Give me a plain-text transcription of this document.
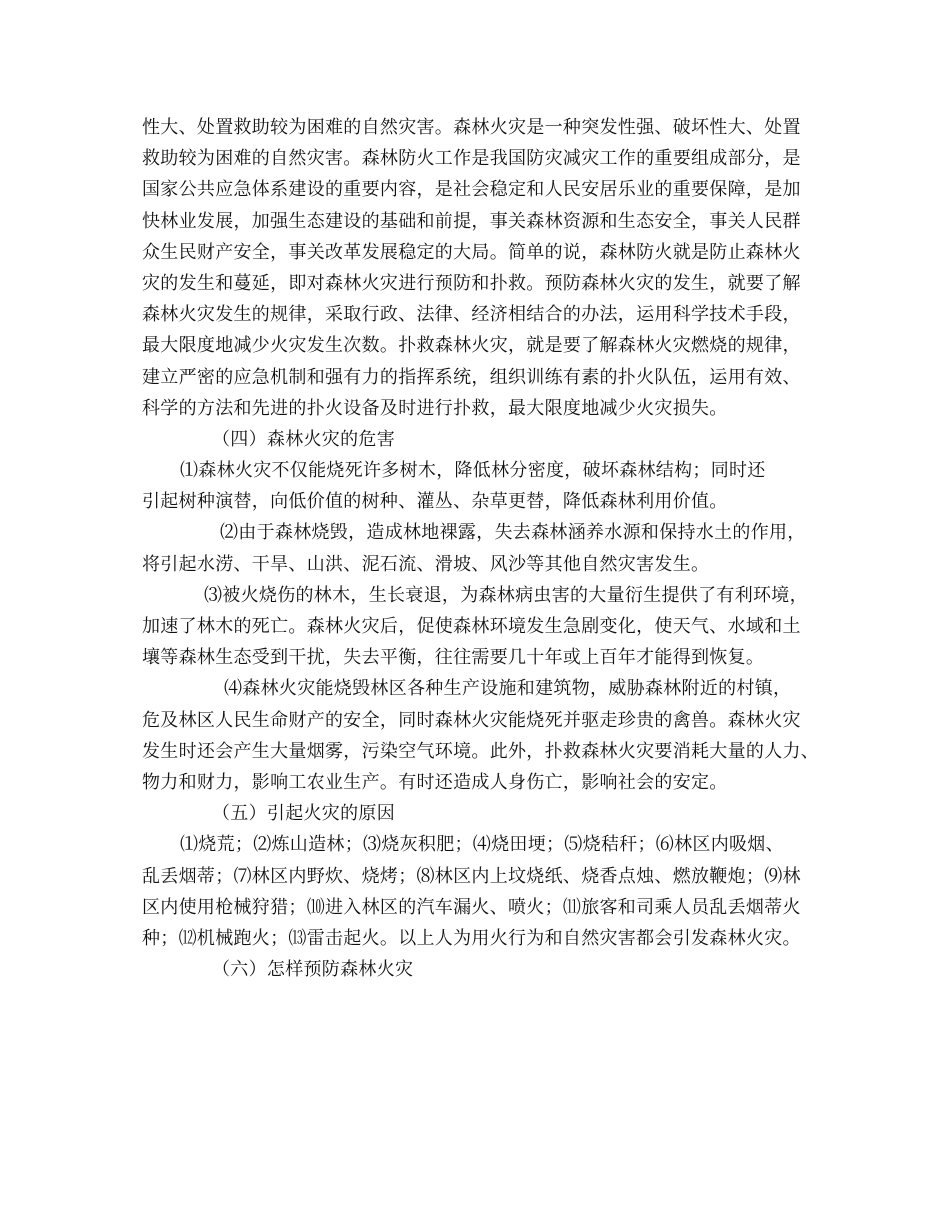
性大、处置救助较为困难的自然灾害。森林火灾是一种突发性强、破坏性大、处置
救助较为困难的自然灾害。森林防火工作是我国防灾减灾工作的重要组成部分，是
国家公共应急体系建设的重要内容，是社会稳定和人民安居乐业的重要保障，是加
快林业发展，加强生态建设的基础和前提，事关森林资源和生态安全，事关人民群
众生民财产安全，事关改革发展稳定的大局。简单的说，森林防火就是防止森林火
灾的发生和蔓延，即对森林火灾进行预防和扑救。预防森林火灾的发生，就要了解
森林火灾发生的规律，采取行政、法律、经济相结合的办法，运用科学技术手段，
最大限度地减少火灾发生次数。扑救森林火灾，就是要了解森林火灾燃烧的规律，
建立严密的应急机制和强有力的指挥系统，组织训练有素的扑火队伍，运用有效、
科学的方法和先进的扑火设备及时进行扑救，最大限度地减少火灾损失。
（四）森林火灾的危害
⑴森林火灾不仅能烧死许多树木，降低林分密度，破坏森林结构；同时还
引起树种演替，向低价值的树种、灌丛、杂草更替，降低森林利用价值。
⑵由于森林烧毁，造成林地裸露，失去森林涵养水源和保持水土的作用，
将引起水涝、干旱、山洪、泥石流、滑坡、风沙等其他自然灾害发生。
⑶被火烧伤的林木，生长衰退，为森林病虫害的大量衍生提供了有利环境，
加速了林木的死亡。森林火灾后，促使森林环境发生急剧变化，使天气、水域和土
壤等森林生态受到干扰，失去平衡，往往需要几十年或上百年才能得到恢复。
⑷森林火灾能烧毁林区各种生产设施和建筑物，威胁森林附近的村镇，
危及林区人民生命财产的安全，同时森林火灾能烧死并驱走珍贵的禽兽。森林火灾
发生时还会产生大量烟雾，污染空气环境。此外，扑救森林火灾要消耗大量的人力、
物力和财力，影响工农业生产。有时还造成人身伤亡，影响社会的安定。
（五）引起火灾的原因
⑴烧荒；⑵炼山造林；⑶烧灰积肥；⑷烧田埂；⑸烧秸秆；⑹林区内吸烟、
乱丢烟蒂；⑺林区内野炊、烧烤；⑻林区内上坟烧纸、烧香点烛、燃放鞭炮；⑼林
区内使用枪械狩猎；⑽进入林区的汽车漏火、喷火；⑾旅客和司乘人员乱丢烟蒂火
种；⑿机械跑火；⒀雷击起火。以上人为用火行为和自然灾害都会引发森林火灾。
（六）怎样预防森林火灾
